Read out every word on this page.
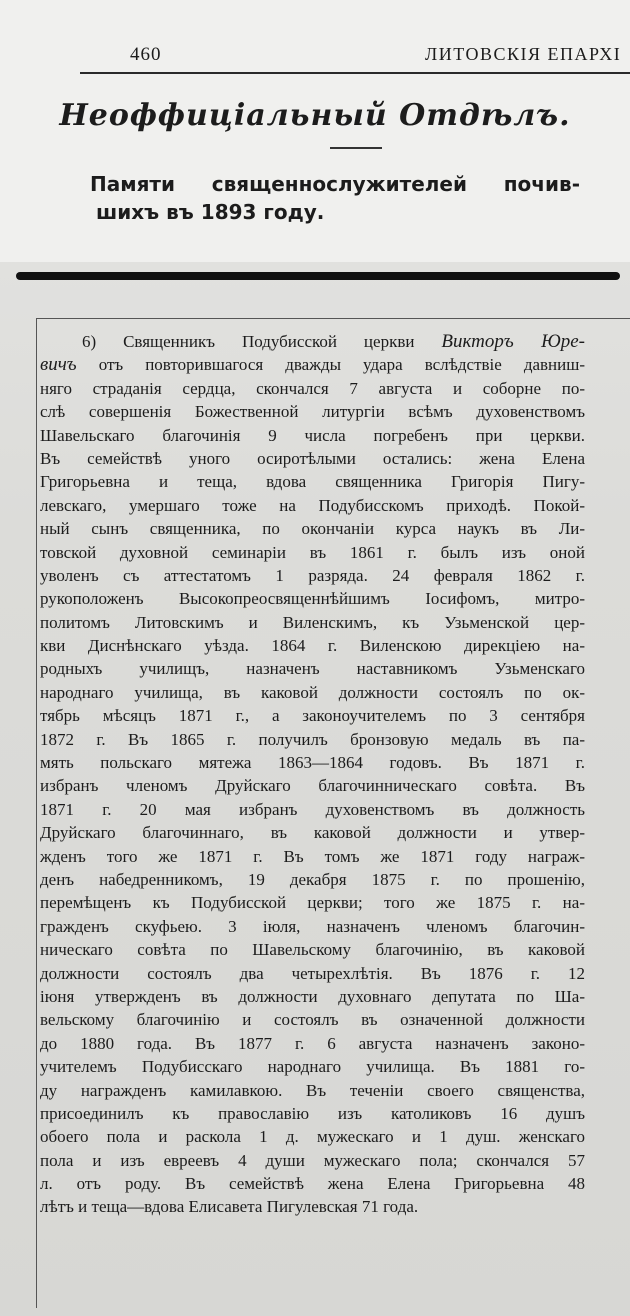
460	ЛИТОВСКIЯ ЕПАРХI
Неоффицiальный Отдѣлъ.
Памяти священнослужителей почив-
шихъ въ 1893 году.
6) Священникъ Подубисской церкви Викторъ Юре-
вичъ отъ повторившагося дважды удара вслѣдствiе давниш-
няго страданiя сердца, скончался 7 августа и соборне по-
слѣ совершенiя Божественной литургiи всѣмъ духовенствомъ
Шавельскаго благочинiя 9 числа погребенъ при церкви.
Въ семействѣ уного осиротѣлыми остались: жена Елена
Григорьевна и теща, вдова священника Григорiя Пигу-
левскаго, умершаго тоже на Подубисскомъ приходѣ. Покой-
ный сынъ священника, по окончанiи курса наукъ въ Ли-
товской духовной семинарiи въ 1861 г. былъ изъ оной
уволенъ съ аттестатомъ 1 разряда. 24 февраля 1862 г.
рукоположенъ Высокопреосвященнѣйшимъ Iосифомъ, митро-
политомъ Литовскимъ и Виленскимъ, къ Узьменской цер-
кви Диснѣнскаго уѣзда. 1864 г. Виленскою дирекцiею на-
родныхъ училищъ, назначенъ наставникомъ Узьменскаго
народнаго училища, въ каковой должности состоялъ по ок-
тябрь мѣсяцъ 1871 г., а законоучителемъ по 3 сентября
1872 г. Въ 1865 г. получилъ бронзовую медаль въ па-
мять польскаго мятежа 1863—1864 годовъ. Въ 1871 г.
избранъ членомъ Друйскаго благочинническаго совѣта. Въ
1871 г. 20 мая избранъ духовенствомъ въ должность
Друйскаго благочиннаго, въ каковой должности и утвер-
жденъ того же 1871 г. Въ томъ же 1871 году награж-
денъ набедренникомъ, 19 декабря 1875 г. по прошенiю,
перемѣщенъ къ Подубисской церкви; того же 1875 г. на-
гражденъ скуфьею. 3 iюля, назначенъ членомъ благочин-
ническаго совѣта по Шавельскому благочинiю, въ каковой
должности состоялъ два четырехлѣтiя. Въ 1876 г. 12
iюня утвержденъ въ должности духовнаго депутата по Ша-
вельскому благочинiю и состоялъ въ означенной должности
до 1880 года. Въ 1877 г. 6 августа назначенъ законо-
учителемъ Подубисскаго народнаго училища. Въ 1881 го-
ду награжденъ камилавкою. Въ теченiи своего священства,
присоединилъ къ православiю изъ католиковъ 16 душъ
обоего пола и раскола 1 д. мужескаго и 1 душ. женскаго
пола и изъ евреевъ 4 души мужескаго пола; скончался 57
л. отъ роду. Въ семействѣ жена Елена Григорьевна 48
лѣтъ и теща—вдова Елисавета Пигулевская 71 года.
